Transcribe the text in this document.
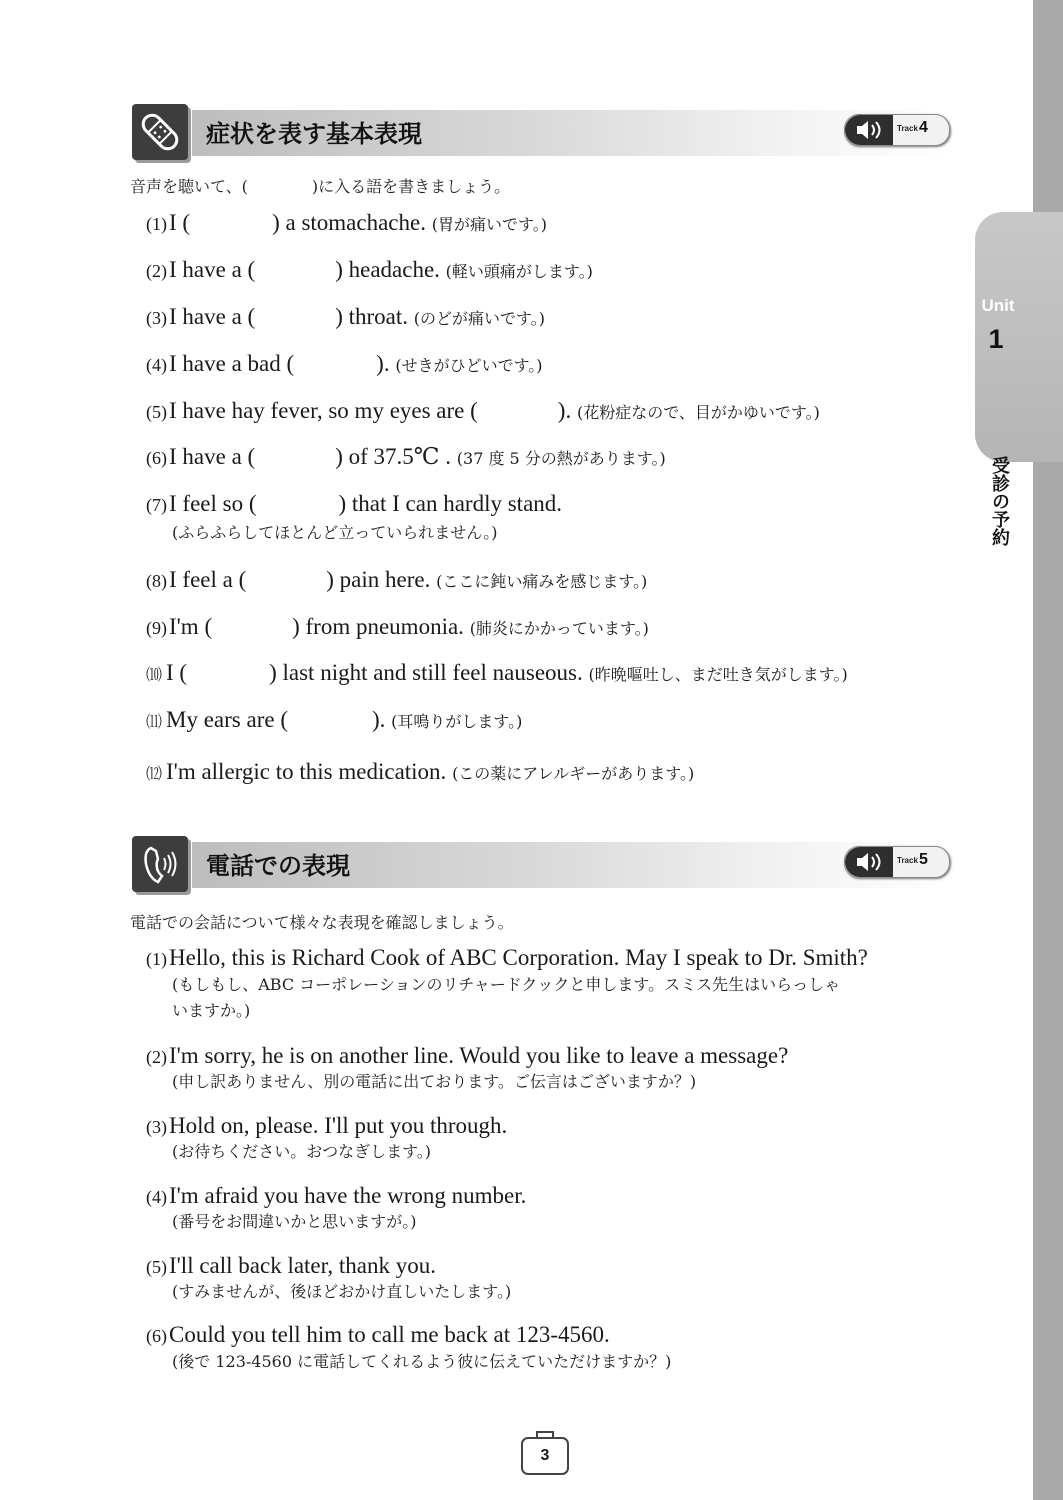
Unit
1
受診の予約
症状を表す基本表現	Track 4
音声を聴いて、(　　　　)に入る語を書きましょう。
(1)I (	) a stomachache. (胃が痛いです。)
(2)I have a (	) headache. (軽い頭痛がします。)
(3)I have a (	) throat. (のどが痛いです。)
(4)I have a bad (	). (せきがひどいです。)
(5)I have hay fever, so my eyes are (	). (花粉症なので、目がかゆいです。)
(6)I have a (	) of 37.5℃ . (37 度 5 分の熱があります。)
(7)I feel so (	) that I can hardly stand.
(ふらふらしてほとんど立っていられません。)
(8)I feel a (	) pain here. (ここに鈍い痛みを感じます。)
(9)I'm (	) from pneumonia. (肺炎にかかっています。)
⑽ I (	) last night and still feel nauseous. (昨晩嘔吐し、まだ吐き気がします。)
⑾ My ears are (	). (耳鳴りがします。)
⑿ I'm allergic to this medication. (この薬にアレルギーがあります。)
電話での表現	Track 5
電話での会話について様々な表現を確認しましょう。
(1)Hello, this is Richard Cook of ABC Corporation. May I speak to Dr. Smith?
(もしもし、ABC コーポレーションのリチャードクックと申します。スミス先生はいらっしゃ
いますか。)
(2)I'm sorry, he is on another line. Would you like to leave a message?
(申し訳ありません、別の電話に出ております。ご伝言はございますか？)
(3)Hold on, please. I'll put you through.
(お待ちください。おつなぎします。)
(4)I'm afraid you have the wrong number.
(番号をお間違いかと思いますが。)
(5)I'll call back later, thank you.
(すみませんが、後ほどおかけ直しいたします。)
(6)Could you tell him to call me back at 123-4560.
(後で 123-4560 に電話してくれるよう彼に伝えていただけますか？)
3
